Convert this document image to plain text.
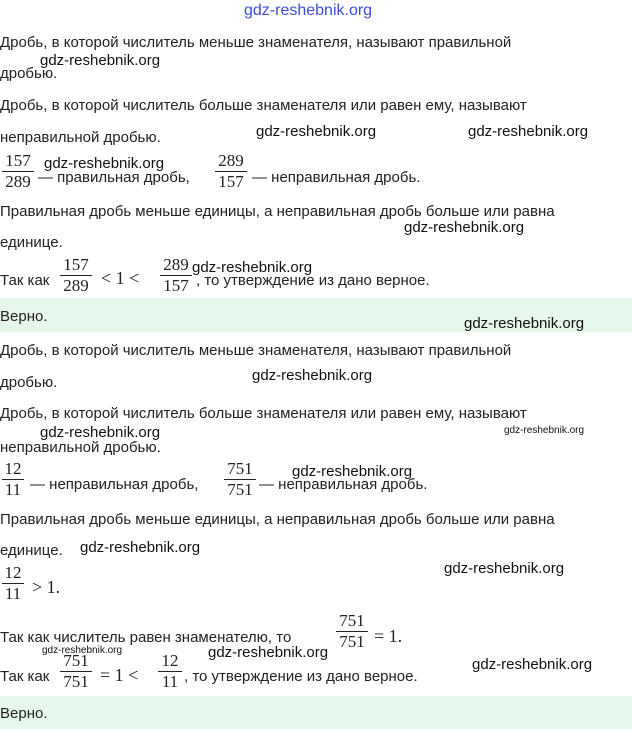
gdz-reshebnik.org
Дробь, в которой числитель меньше знаменателя, называют правильной
дробью.
gdz-reshebnik.org
Дробь, в которой числитель больше знаменателя или равен ему, называют
неправильной дробью.	gdz-reshebnik.org	gdz-reshebnik.org
157
289
gdz-reshebnik.org
— правильная дробь,
289
157 — неправильная дробь.
Правильная дробь меньше единицы, а неправильная дробь больше или равна
единице.
gdz-reshebnik.org
Так как
157
289 < 1 <
289
157
gdz-reshebnik.org
, то утверждение из дано верное.
Верно.	gdz-reshebnik.org
Дробь, в которой числитель меньше знаменателя, называют правильной
дробью.	gdz-reshebnik.org
Дробь, в которой числитель больше знаменателя или равен ему, называют
неправильной дробью.
gdz-reshebnik.org	gdz-reshebnik.org
12
11 — неправильная дробь,
751
751 — неправильная дробь.
gdz-reshebnik.org
Правильная дробь меньше единицы, а неправильная дробь больше или равна
единице. gdz-reshebnik.org
12
11 > 1.
gdz-reshebnik.org
Так как числитель равен знаменателю, то
751
751 = 1.
gdz-reshebnik.org	gdz-reshebnik.org
gdz-reshebnik.org
Так как
751
751 = 1 <
12
11 , то утверждение из дано верное.
Верно.
